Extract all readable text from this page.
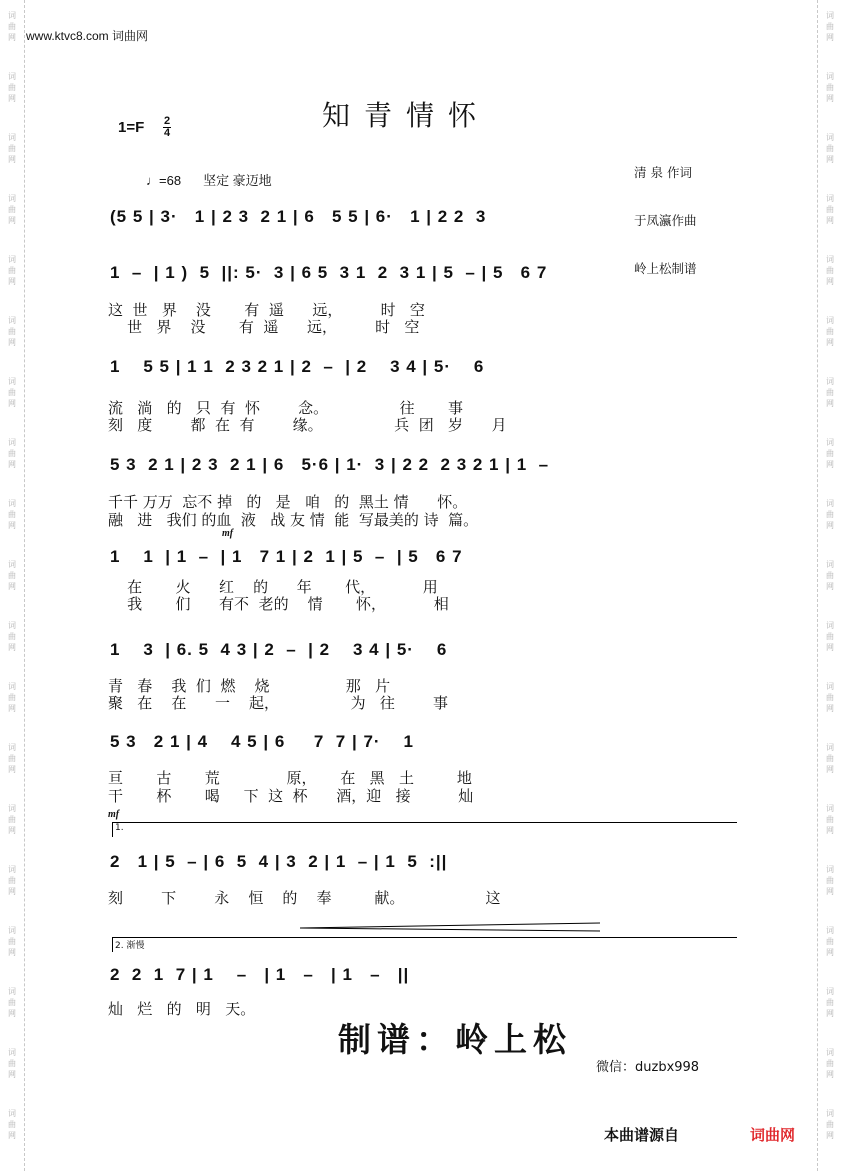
词
曲
网
词
曲
网
词
曲
网
词
曲
网
词
曲
网
词
曲
网
词
曲
网
词
曲
网
词
曲
网
词
曲
网
词
曲
网
词
曲
网
词
曲
网
词
曲
网
词
曲
网
词
曲
网
词
曲
网
词
曲
网
词
曲
网
词
曲
网
词
曲
网
词
曲
网
词
曲
网
词
曲
网
词
曲
网
词
曲
网
词
曲
网
词
曲
网
词
曲
网
词
曲
网
词
曲
网
词
曲
网
词
曲
网
词
曲
网
词
曲
网
词
曲
网
词
曲
网
词
曲
网
www.ktvc8.com 词曲网
知青情怀
1=F 2
4

清 泉 作词

于凤瀛作曲

岭上松制谱

♩=68 坚定 豪迈地
(5 5 | 3·   1 | 2 3  2 1 | 6   5 5 | 6·   1 | 2 2  3
1  –  | 1 )  5  ||: 5·  3 | 6 5  3 1  2  3 1 | 5  – | 5   6 7
这  世   界    没       有  遥      远，        时   空
世   界    没       有  遥      远，        时   空
1    5 5 | 1 1  2 3 2 1 | 2  –  | 2    3 4 | 5·    6
流   淌   的   只  有  怀        念。               往       事
刻   度        都  在  有        缘。               兵  团   岁      月
5 3  2 1 | 2 3  2 1 | 6   5·6 | 1·  3 | 2 2  2 3 2 1 | 1  –
千千 万万  忘不 掉   的   是   咱   的  黑土 情      怀。
融   进   我们 的血  液   战 友 情  能  写最美的 诗  篇。
mf
1    1  | 1  –  | 1   7 1 | 2  1 | 5  –  | 5   6 7
在       火      红    的      年       代，          用
我       们      有不  老的    情       怀，          相
1    3  | 6. 5  4 3 | 2  –  | 2    3 4 | 5·    6
青   春    我  们  燃    烧                那   片
聚   在    在      一    起，               为   往        事
5 3   2 1 | 4    4 5 | 6     7  7 | 7·    1
亘       古       荒              原，     在   黑   土         地
干       杯       喝     下  这  杯      酒，迎   接          灿
mf
1.
2   1 | 5  – | 6  5  4 | 3  2 | 1  – | 1  5  :||
刻        下        永    恒    的    奉         献。                 这
2. 渐慢
2  2  1  7 | 1    –   | 1   –   | 1   –   ||
灿   烂   的   明   天。
制谱：岭上松
微信：duzbx998
本曲谱源自	词曲网
